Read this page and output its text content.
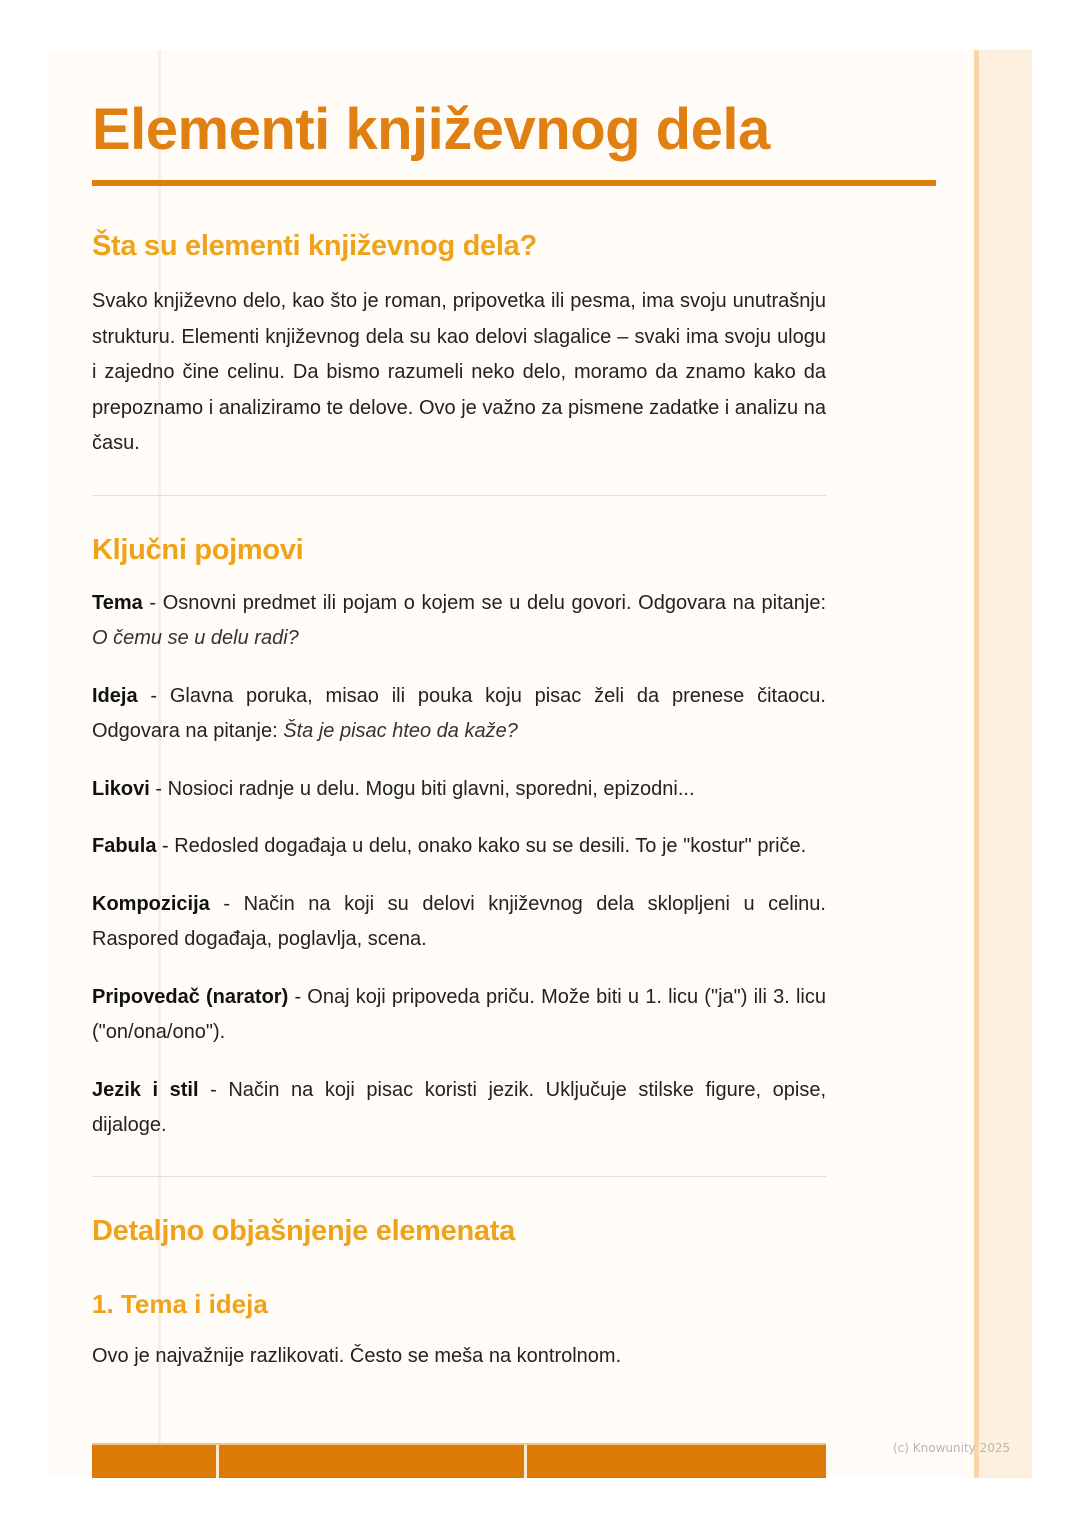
Elementi književnog dela
Šta su elementi književnog dela?

Svako književno delo, kao što je roman, pripovetka ili pesma, ima svoju unutrašnju strukturu. Elementi književnog dela su kao delovi slagalice – svaki ima svoju ulogu i zajedno čine celinu. Da bismo razumeli neko delo, moramo da znamo kako da prepoznamo i analiziramo te delove. Ovo je važno za pismene zadatke i analizu na času.

Ključni pojmovi

Tema - Osnovni predmet ili pojam o kojem se u delu govori. Odgovara na pitanje: O čemu se u delu radi?

Ideja - Glavna poruka, misao ili pouka koju pisac želi da prenese čitaocu. Odgovara na pitanje: Šta je pisac hteo da kaže?

Likovi - Nosioci radnje u delu. Mogu biti glavni, sporedni, epizodni...

Fabula - Redosled događaja u delu, onako kako su se desili. To je "kostur" priče.

Kompozicija - Način na koji su delovi književnog dela sklopljeni u celinu. Raspored događaja, poglavlja, scena.

Pripovedač (narator) - Onaj koji pripoveda priču. Može biti u 1. licu ("ja") ili 3. licu ("on/ona/ono").

Jezik i stil - Način na koji pisac koristi jezik. Uključuje stilske figure, opise, dijaloge.

Detaljno objašnjenje elemenata
1. Tema i ideja

Ovo je najvažnije razlikovati. Često se meša na kontrolnom.

(c) Knowunity 2025
